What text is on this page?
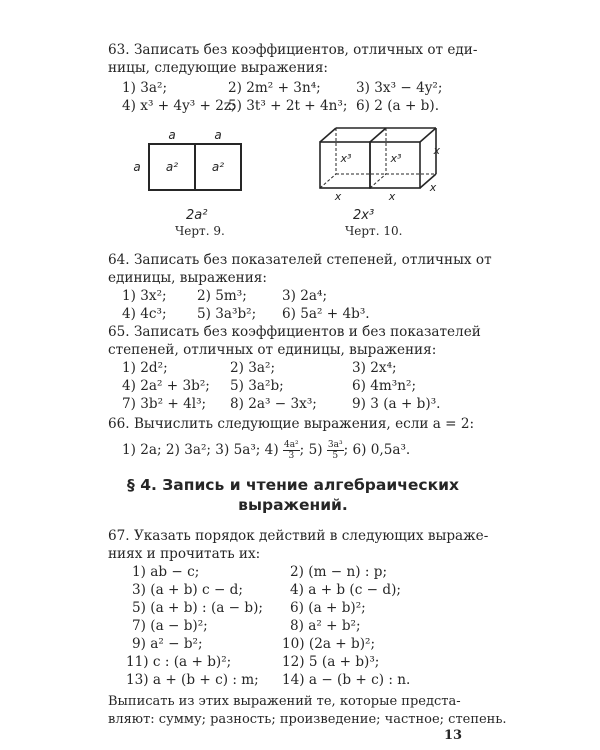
63. Записать без коэффициентов, отличных от еди-
ницы, следующие выражения:
1) 3a²;	2) 2m² + 3n⁴;	3) 3x³ − 4y²;
4) x³ + 4y³ + 2z;
5) 3t³ + 2t + 4n³; 6) 2 (a + b).
a	a
a a²	a²
2a²
Черт. 9.
x³	x³
x
x
x	x
2x³
Черт. 10.
64. Записать без показателей степеней, отличных от
единицы, выражения:
1) 3x²; 2) 5m³;	3) 2a⁴;
4) 4c³; 5) 3a³b²; 6) 5a² + 4b³.
65. Записать без коэффициентов и без показателей
степеней, отличных от единицы, выражения:
1) 2d²;	2) 3a²;	3) 2x⁴;
4) 2a² + 3b²; 5) 3a²b;	6) 4m³n²;
7) 3b² + 4l³; 8) 2a³ − 3x³;	9) 3 (a + b)³.
66. Вычислить следующие выражения, если a = 2:
1) 2a; 2) 3a²; 3) 5a³; $4) \frac{\text{4a²}}{3}$ ; $5) \frac{\text{3a³}}{5}$ ; 6) 0,5a³.
§ 4. Запись и чтение алгебраических
выражений.
67. Указать порядок действий в следующих выраже-
ниях и прочитать их:
1) ab − c;	2) (m − n) : p;
3) (a + b) c − d;	4) a + b (c − d);
5) (a + b) : (a − b); 6) (a + b)²;
7) (a − b)²;	8) a² + b²;
9) a² − b²;	10) (2a + b)²;
11) c : (a + b)²;	12) 5 (a + b)³;
13) a + (b + c) : m; 14) a − (b + c) : n.
Выписать из этих выражений те, которые предста-
вляют: сумму; разность; произведение; частное; степень.
13
